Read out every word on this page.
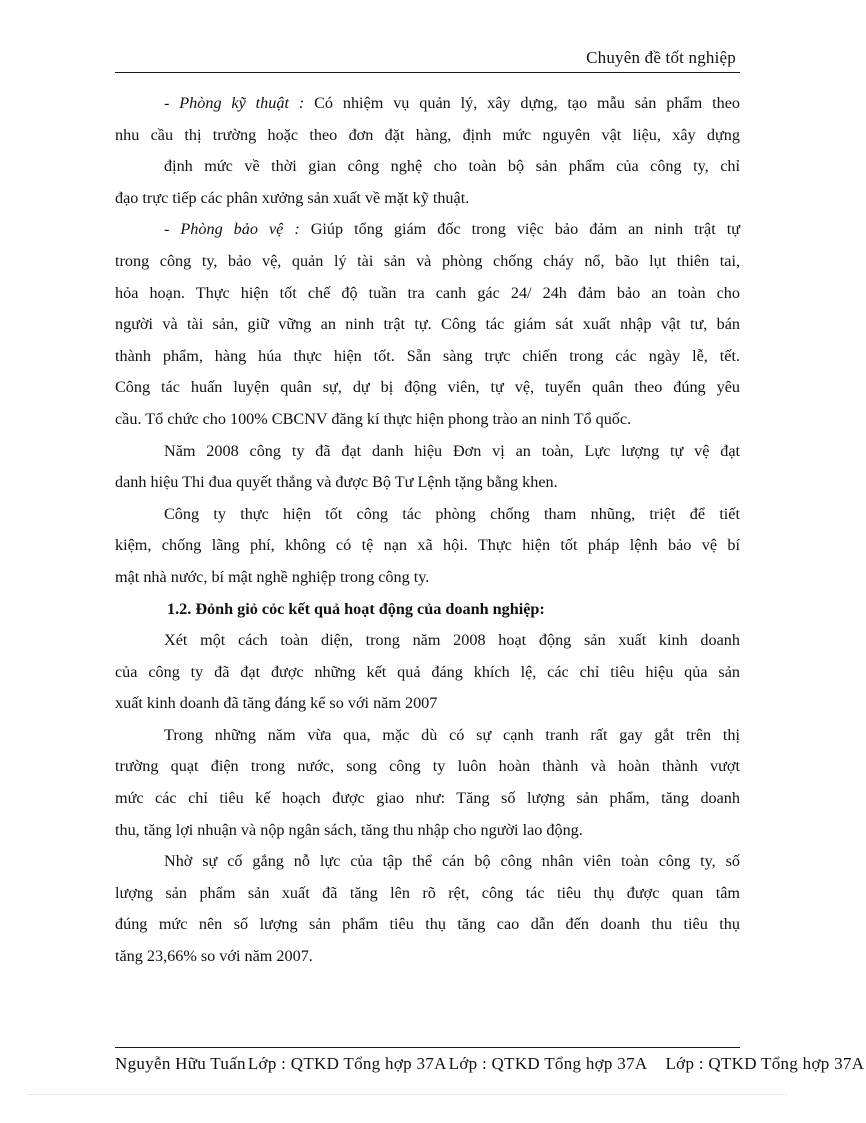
Chuyên đề tốt nghiệp
- Phòng kỹ thuật : Có nhiệm vụ quản lý, xây dựng, tạo mẫu sản phẩm theo
nhu cầu thị trường hoặc theo đơn đặt hàng, định mức nguyên vật liệu, xây dựng
định mức về thời gian công nghệ cho toàn bộ sản phẩm của công ty, chỉ
đạo trực tiếp các phân xưởng sản xuất về mặt kỹ thuật.
- Phòng bảo vệ : Giúp tổng giám đốc trong việc bảo đảm an ninh trật tự
trong công ty, bảo vệ, quản lý tài sản và phòng chống cháy nổ, bão lụt thiên tai,
hỏa hoạn. Thực hiện tốt chế độ tuần tra canh gác 24/ 24h đảm bảo an toàn cho
người và tài sản, giữ vững an ninh trật tự. Công tác giám sát xuất nhập vật tư, bán
thành phẩm, hàng húa thực hiện tốt. Sẵn sàng trực chiến trong các ngày lễ, tết.
Công tác huấn luyện quân sự, dự bị động viên, tự vệ, tuyển quân theo đúng yêu
cầu. Tổ chức cho 100% CBCNV đăng kí thực hiện phong trào an ninh Tổ quốc.
Năm 2008 công ty đã đạt danh hiệu Đơn vị an toàn, Lực lượng tự vệ đạt
danh hiệu Thi đua quyết thắng và được Bộ Tư Lệnh tặng bằng khen.
Công ty thực hiện tốt công tác phòng chống tham nhũng, triệt để tiết
kiệm, chống lãng phí, không có tệ nạn xã hội. Thực hiện tốt pháp lệnh bảo vệ bí
mật nhà nước, bí mật nghề nghiệp trong công ty.
1.2. Đỏnh giỏ cỏc kết quả hoạt động của doanh nghiệp:
Xét một cách toàn diện, trong năm 2008 hoạt động sản xuất kinh doanh
của công ty đã đạt được những kết quả đáng khích lệ, các chỉ tiêu hiệu qủa sản
xuất kinh doanh đã tăng đáng kể so với năm 2007
Trong những năm vừa qua, mặc dù có sự cạnh tranh rất gay gắt trên thị
trường quạt điện trong nước, song công ty luôn hoàn thành và hoàn thành vượt
mức các chỉ tiêu kế hoạch được giao như: Tăng số lượng sản phẩm, tăng doanh
thu, tăng lợi nhuận và nộp ngân sách, tăng thu nhập cho người lao động.
Nhờ sự cố gắng nỗ lực của tập thể cán bộ công nhân viên toàn công ty, số
lượng sản phẩm sản xuất đã tăng lên rõ rệt, công tác tiêu thụ được quan tâm
đúng mức nên số lượng sản phẩm tiêu thụ tăng cao dẫn đến doanh thu tiêu thụ
tăng 23,66% so với năm 2007.
Nguyễn Hữu Tuấn Lớp : QTKD Tổng hợp 37A Lớp : QTKD Tổng hợp 37A Lớp : QTKD Tổng hợp 37A
